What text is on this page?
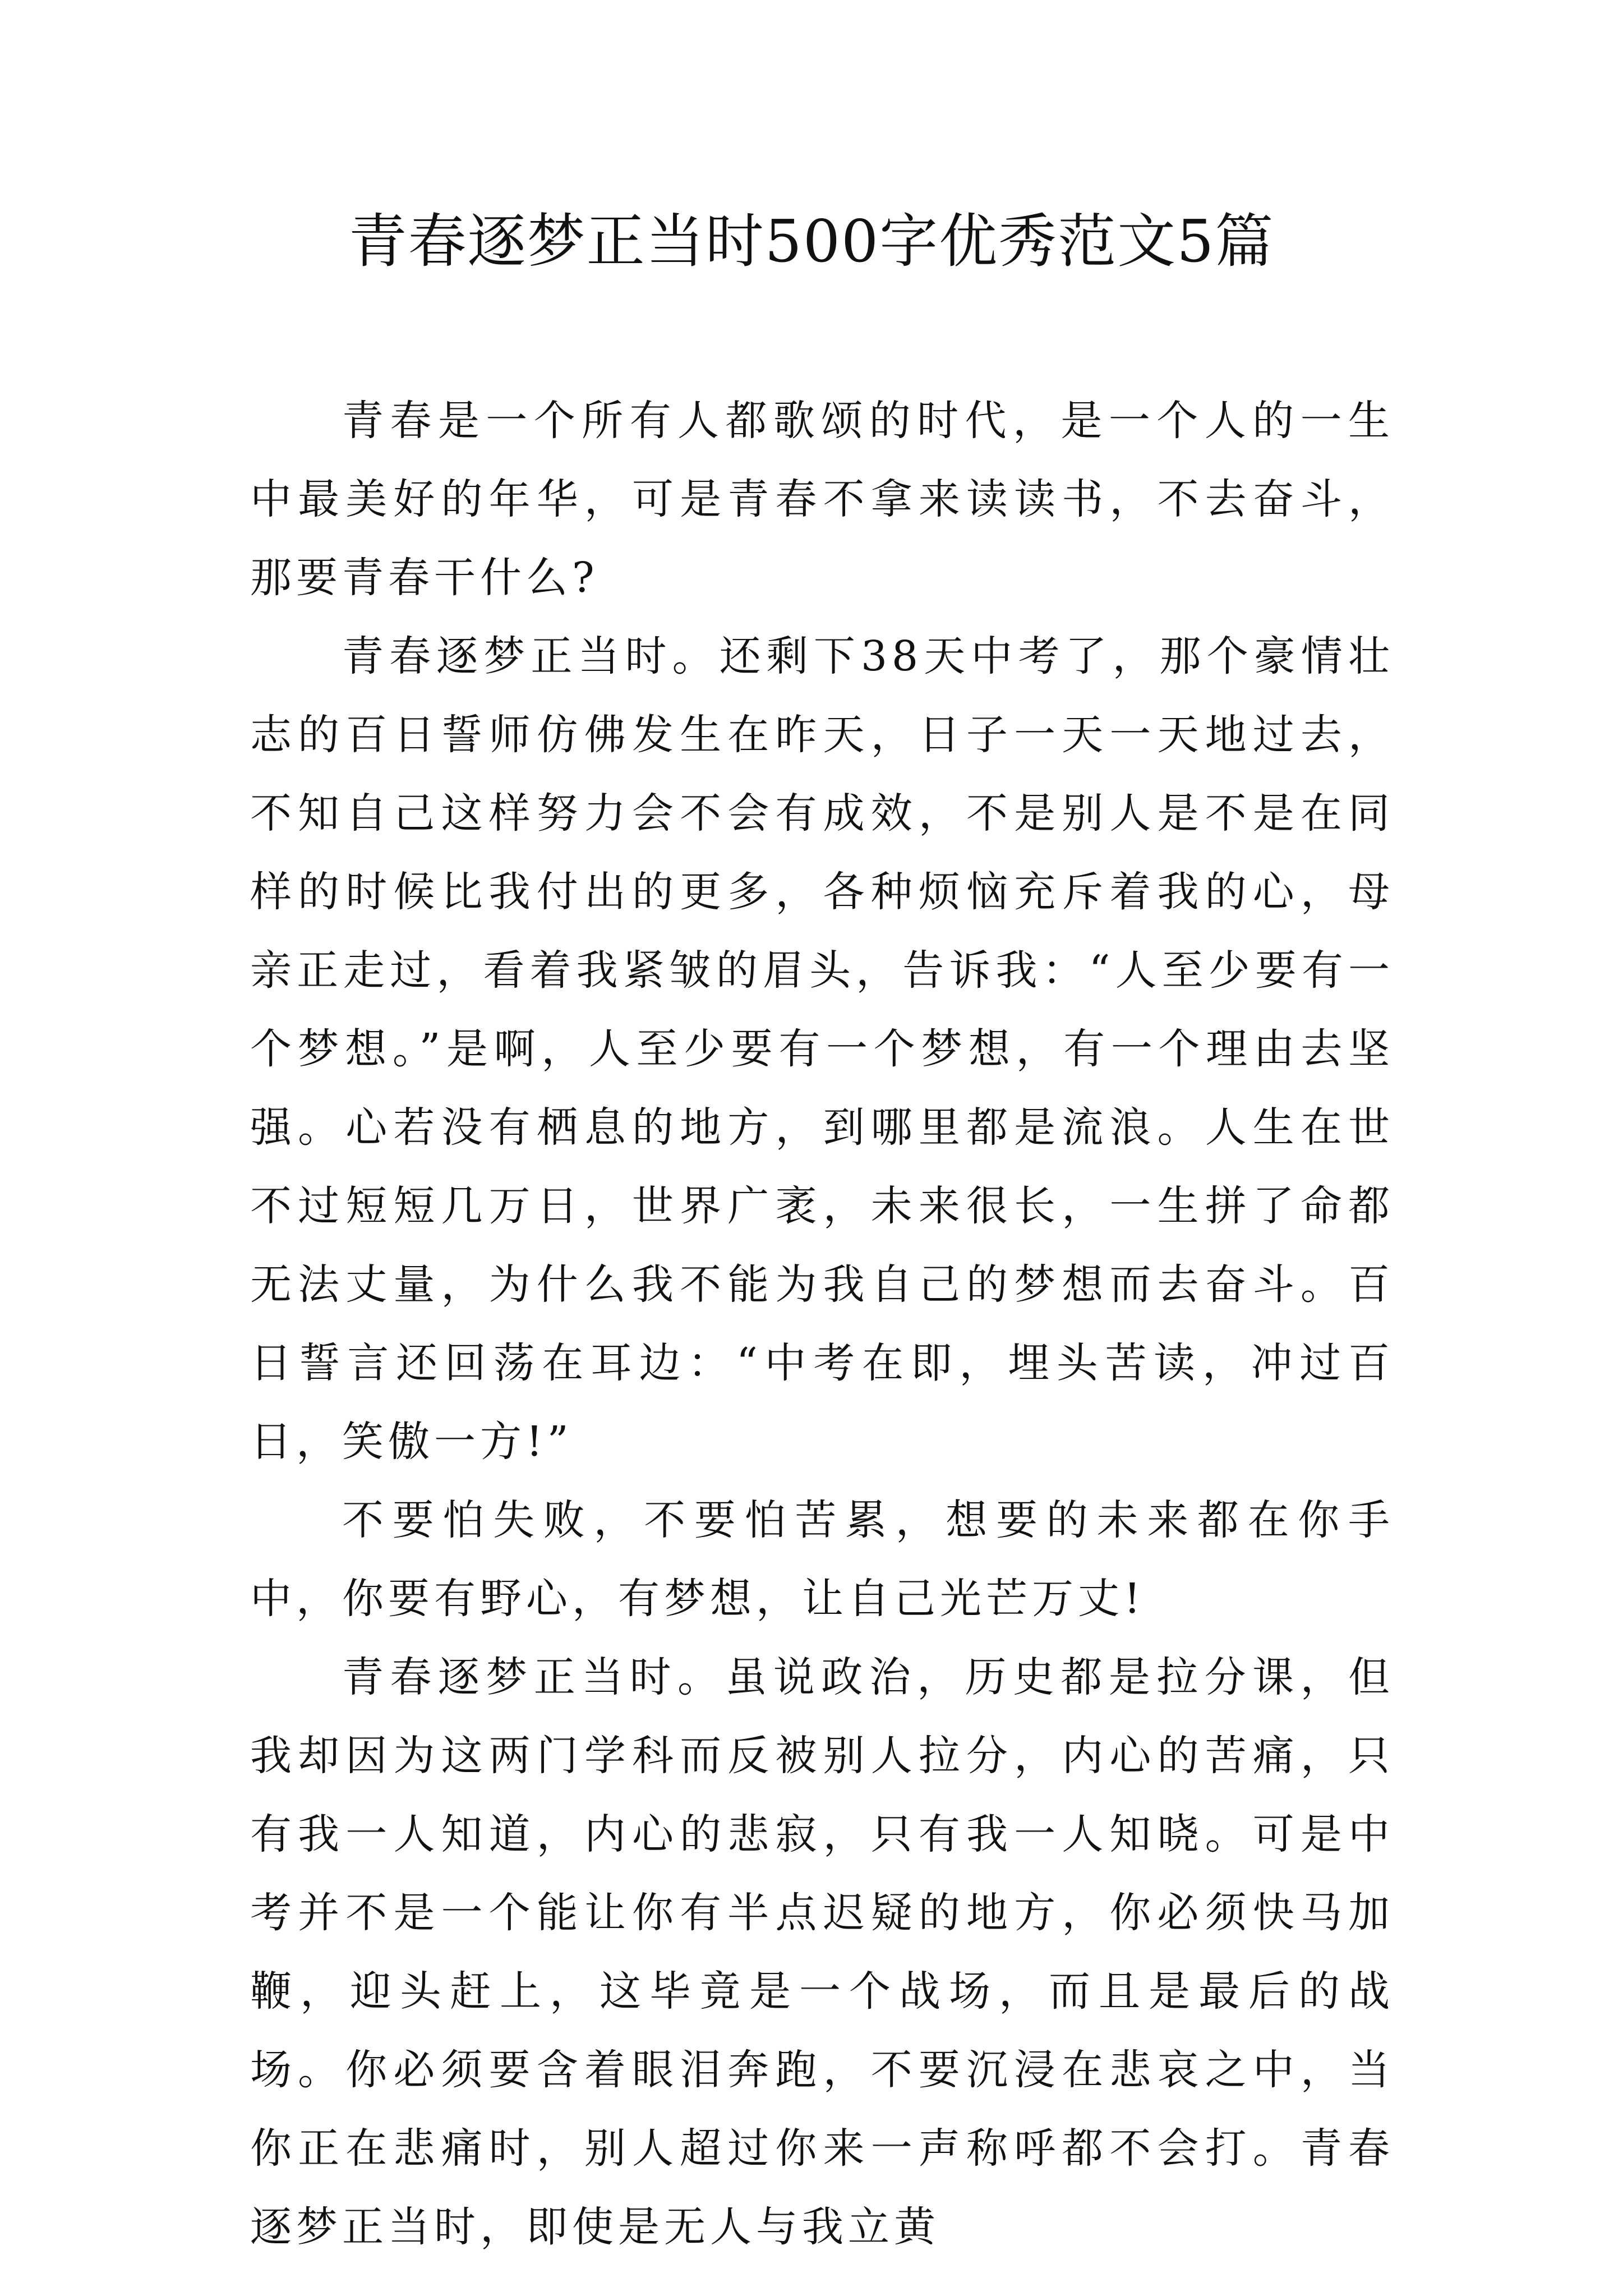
青春逐梦正当时500字优秀范文5篇

青春是一个所有人都歌颂的时代，是一个人的一生中最美好的年华，可是青春不拿来读读书，不去奋斗，那要青春干什么?

青春逐梦正当时。还剩下38天中考了，那个豪情壮志的百日誓师仿佛发生在昨天，日子一天一天地过去，不知自己这样努力会不会有成效，不是别人是不是在同样的时候比我付出的更多，各种烦恼充斥着我的心，母亲正走过，看着我紧皱的眉头，告诉我：“人至少要有一个梦想。”是啊，人至少要有一个梦想，有一个理由去坚强。心若没有栖息的地方，到哪里都是流浪。人生在世不过短短几万日，世界广袤，未来很长，一生拼了命都无法丈量，为什么我不能为我自己的梦想而去奋斗。百日誓言还回荡在耳边：“中考在即，埋头苦读，冲过百日，笑傲一方!”

不要怕失败，不要怕苦累，想要的未来都在你手中，你要有野心，有梦想，让自己光芒万丈!

青春逐梦正当时。虽说政治，历史都是拉分课，但我却因为这两门学科而反被别人拉分，内心的苦痛，只有我一人知道，内心的悲寂，只有我一人知晓。可是中考并不是一个能让你有半点迟疑的地方，你必须快马加鞭，迎头赶上，这毕竟是一个战场，而且是最后的战场。你必须要含着眼泪奔跑，不要沉浸在悲哀之中，当你正在悲痛时，别人超过你来一声称呼都不会打。青春逐梦正当时，即使是无人与我立黄
